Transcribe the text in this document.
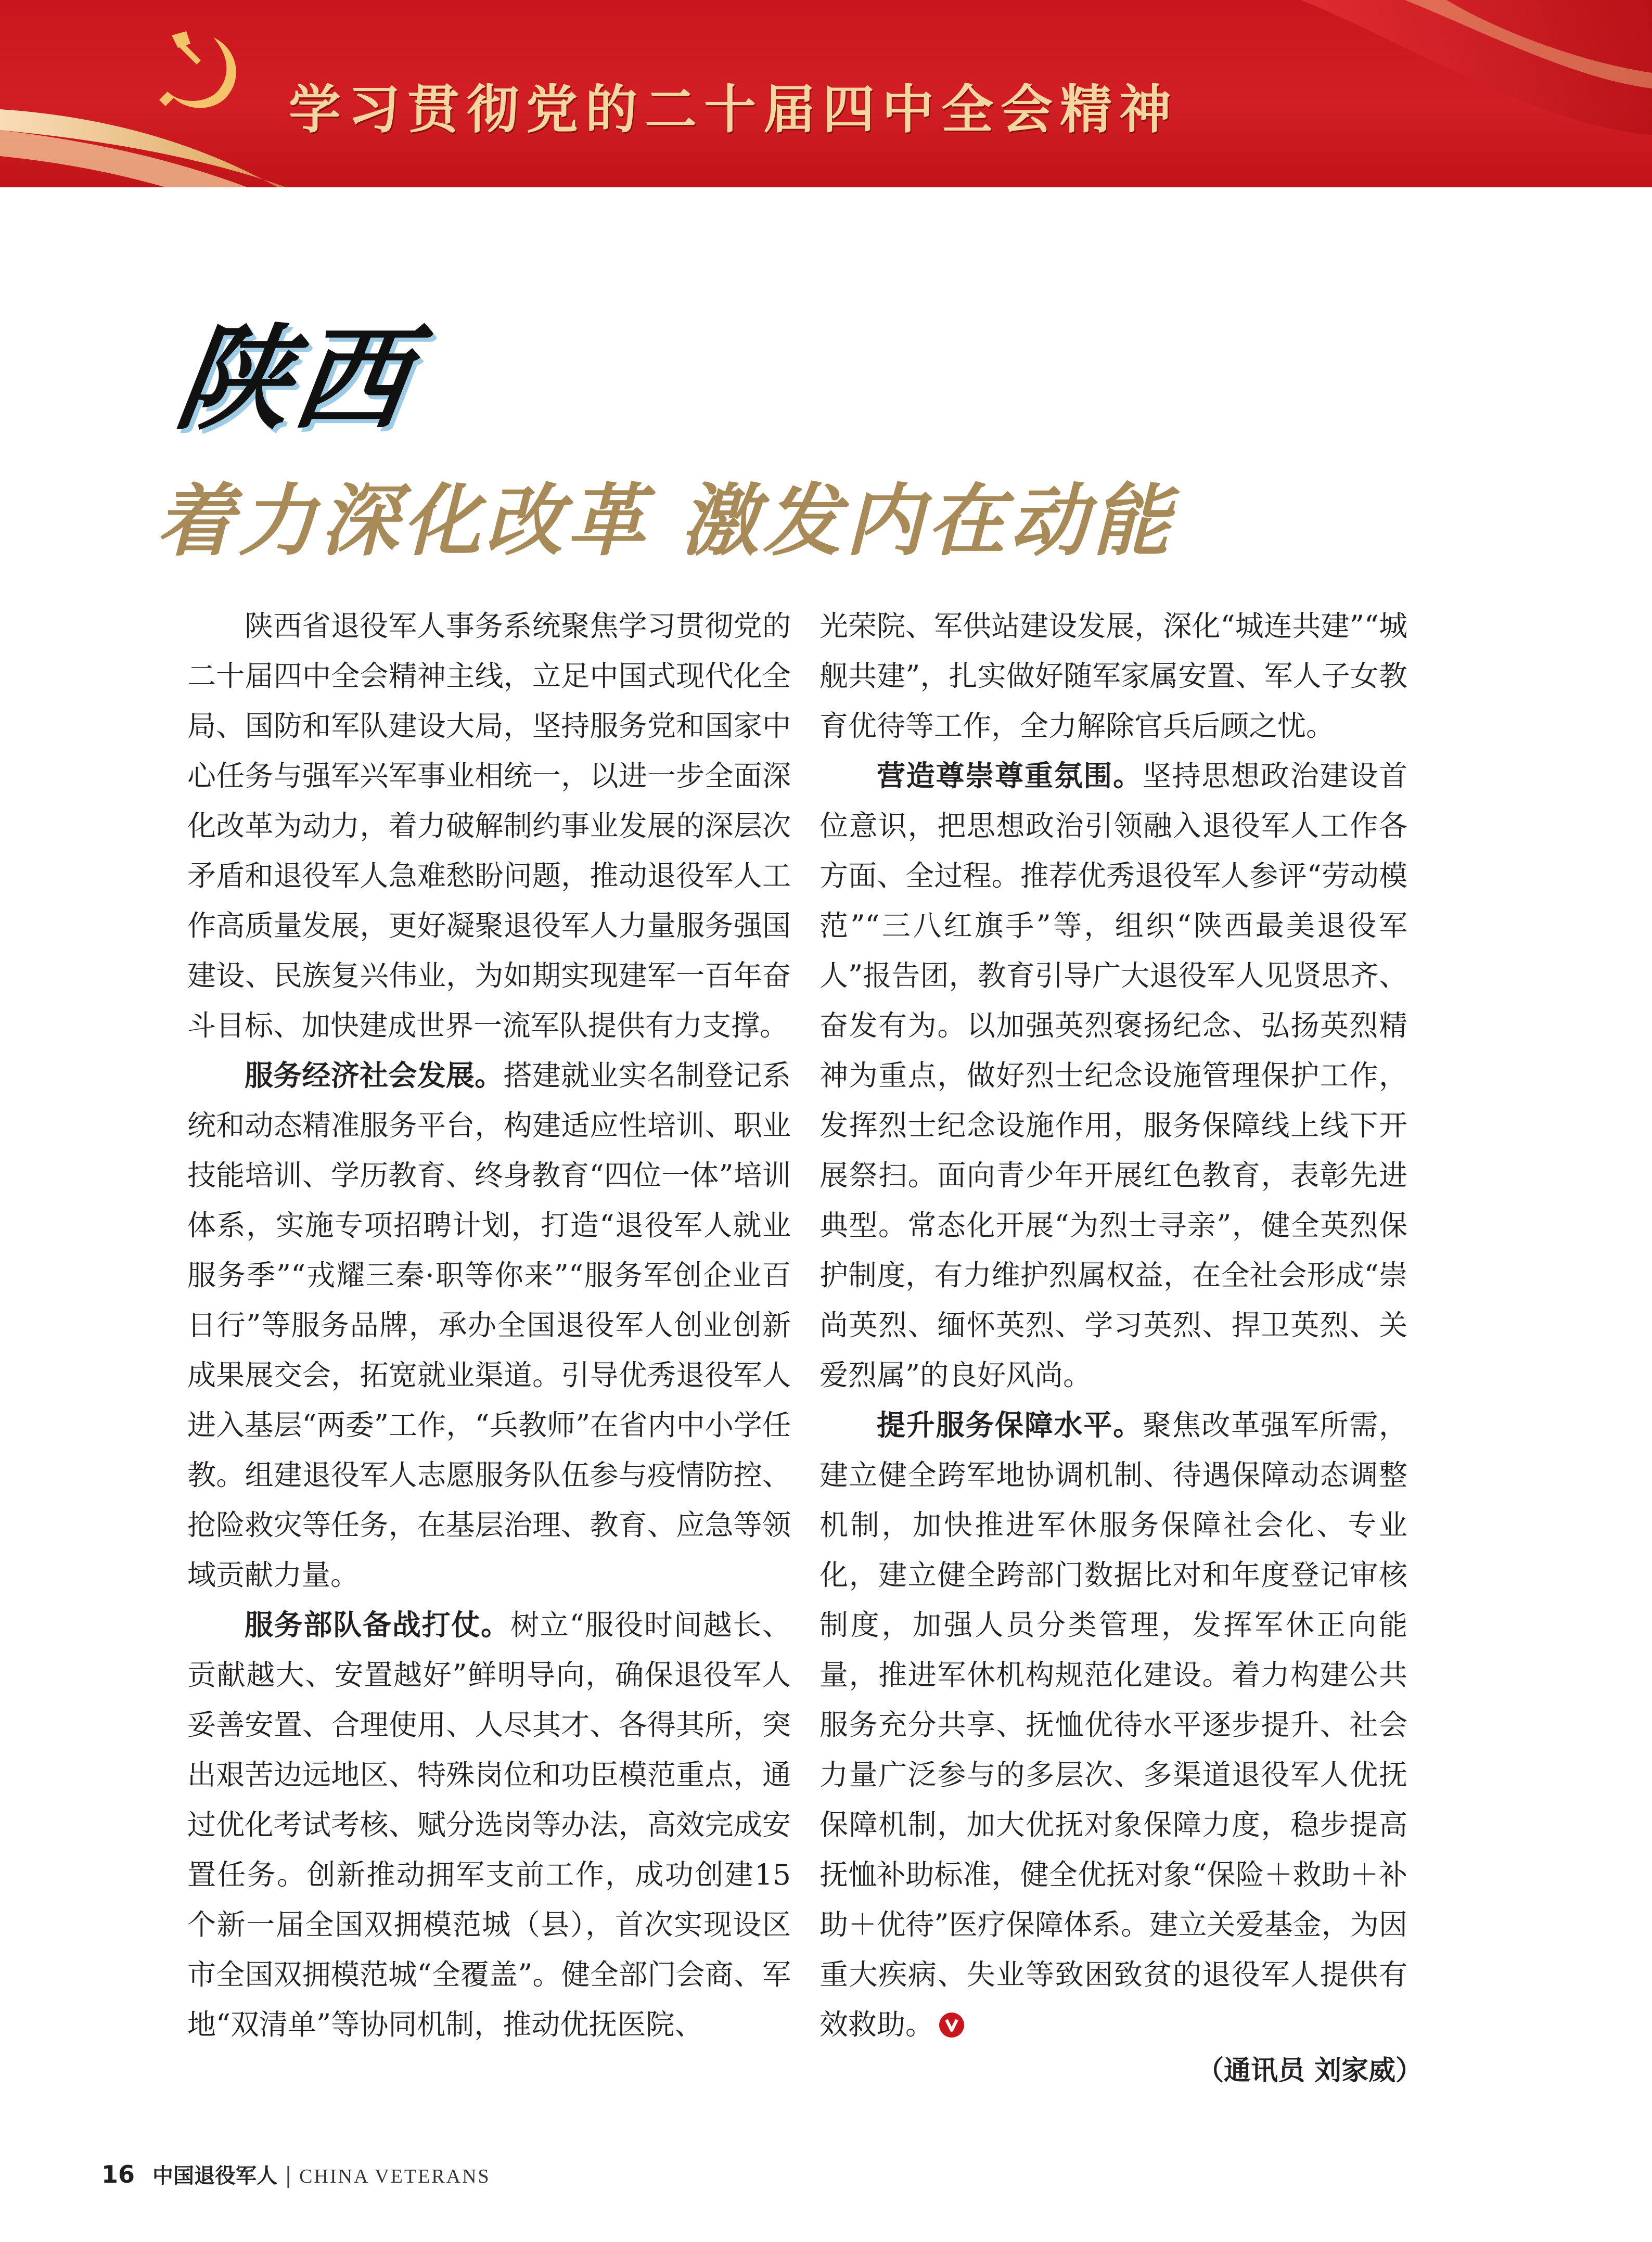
学习贯彻党的二十届四中全会精神
陕西
着力深化改革 激发内在动能

陕西省退役军人事务系统聚焦学习贯彻党的二十届四中全会精神主线，立足中国式现代化全局、国防和军队建设大局，坚持服务党和国家中心任务与强军兴军事业相统一，以进一步全面深化改革为动力，着力破解制约事业发展的深层次矛盾和退役军人急难愁盼问题，推动退役军人工作高质量发展，更好凝聚退役军人力量服务强国建设、民族复兴伟业，为如期实现建军一百年奋斗目标、加快建成世界一流军队提供有力支撑。

服务经济社会发展。搭建就业实名制登记系统和动态精准服务平台，构建适应性培训、职业技能培训、学历教育、终身教育“四位一体”培训体系，实施专项招聘计划，打造“退役军人就业服务季”“戎耀三秦·职等你来”“服务军创企业百日行”等服务品牌，承办全国退役军人创业创新成果展交会，拓宽就业渠道。引导优秀退役军人进入基层“两委”工作，“兵教师”在省内中小学任教。组建退役军人志愿服务队伍参与疫情防控、抢险救灾等任务，在基层治理、教育、应急等领域贡献力量。

服务部队备战打仗。树立“服役时间越长、贡献越大、安置越好”鲜明导向，确保退役军人妥善安置、合理使用、人尽其才、各得其所，突出艰苦边远地区、特殊岗位和功臣模范重点，通过优化考试考核、赋分选岗等办法，高效完成安置任务。创新推动拥军支前工作，成功创建15个新一届全国双拥模范城（县），首次实现设区市全国双拥模范城“全覆盖”。健全部门会商、军地“双清单”等协同机制，推动优抚医院、

光荣院、军供站建设发展，深化“城连共建”“城舰共建”，扎实做好随军家属安置、军人子女教育优待等工作，全力解除官兵后顾之忧。

营造尊崇尊重氛围。坚持思想政治建设首位意识，把思想政治引领融入退役军人工作各方面、全过程。推荐优秀退役军人参评“劳动模范”“三八红旗手”等，组织“陕西最美退役军人”报告团，教育引导广大退役军人见贤思齐、奋发有为。以加强英烈褒扬纪念、弘扬英烈精神为重点，做好烈士纪念设施管理保护工作，发挥烈士纪念设施作用，服务保障线上线下开展祭扫。面向青少年开展红色教育，表彰先进典型。常态化开展“为烈士寻亲”，健全英烈保护制度，有力维护烈属权益，在全社会形成“崇尚英烈、缅怀英烈、学习英烈、捍卫英烈、关爱烈属”的良好风尚。

提升服务保障水平。聚焦改革强军所需，建立健全跨军地协调机制、待遇保障动态调整机制，加快推进军休服务保障社会化、专业化，建立健全跨部门数据比对和年度登记审核制度，加强人员分类管理，发挥军休正向能量，推进军休机构规范化建设。着力构建公共服务充分共享、抚恤优待水平逐步提升、社会力量广泛参与的多层次、多渠道退役军人优抚保障机制，加大优抚对象保障力度，稳步提高抚恤补助标准，健全优抚对象“保险＋救助＋补助＋优待”医疗保障体系。建立关爱基金，为因重大疾病、失业等致困致贫的退役军人提供有效救助。

（通讯员 刘家威）
16 中国退役军人 | CHINA VETERANS
